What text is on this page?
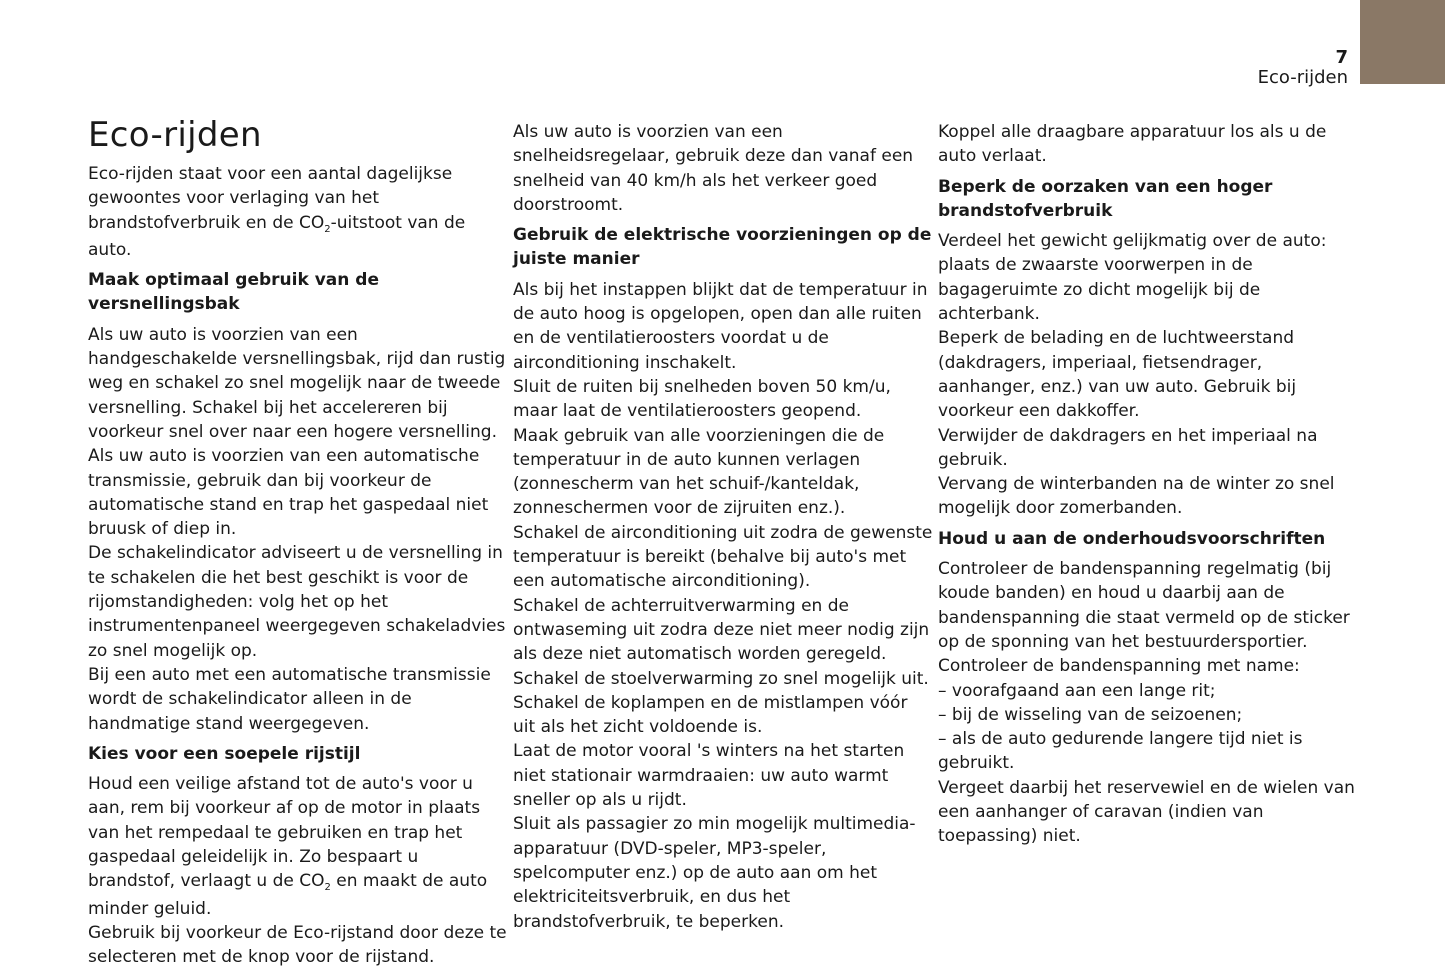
7
Eco-rijden
Eco-rijden

Eco-rijden staat voor een aantal dagelijkse gewoontes voor verlaging van het brandstofverbruik en de $CO_2$-uitstoot van de auto.

Maak optimaal gebruik van de versnellingsbak

Als uw auto is voorzien van een handgeschakelde versnellingsbak, rijd dan rustig weg en schakel zo snel mogelijk naar de tweede versnelling. Schakel bij het accelereren bij voorkeur snel over naar een hogere versnelling.

Als uw auto is voorzien van een automatische transmissie, gebruik dan bij voorkeur de automatische stand en trap het gaspedaal niet bruusk of diep in.

De schakelindicator adviseert u de versnelling in te schakelen die het best geschikt is voor de rijomstandigheden: volg het op het instrumentenpaneel weergegeven schakeladvies zo snel mogelijk op.

Bij een auto met een automatische transmissie wordt de schakelindicator alleen in de handmatige stand weergegeven.

Kies voor een soepele rijstijl

Houd een veilige afstand tot de auto's voor u aan, rem bij voorkeur af op de motor in plaats van het rempedaal te gebruiken en trap het gaspedaal geleidelijk in. Zo bespaart u brandstof, verlaagt u de $CO_2$ en maakt de auto minder geluid.

Gebruik bij voorkeur de Eco-rijstand door deze te selecteren met de knop voor de rijstand.

Als uw auto is voorzien van een snelheidsregelaar, gebruik deze dan vanaf een snelheid van 40 km/h als het verkeer goed doorstroomt.

Gebruik de elektrische voorzieningen op de juiste manier

Als bij het instappen blijkt dat de temperatuur in de auto hoog is opgelopen, open dan alle ruiten en de ventilatieroosters voordat u de airconditioning inschakelt.

Sluit de ruiten bij snelheden boven 50 km/u, maar laat de ventilatieroosters geopend.

Maak gebruik van alle voorzieningen die de temperatuur in de auto kunnen verlagen (zonnescherm van het schuif-/kanteldak, zonneschermen voor de zijruiten enz.).

Schakel de airconditioning uit zodra de gewenste temperatuur is bereikt (behalve bij auto's met een automatische airconditioning).

Schakel de achterruitverwarming en de ontwaseming uit zodra deze niet meer nodig zijn als deze niet automatisch worden geregeld.

Schakel de stoelverwarming zo snel mogelijk uit.

Schakel de koplampen en de mistlampen vóór uit als het zicht voldoende is.

Laat de motor vooral 's winters na het starten niet stationair warmdraaien: uw auto warmt sneller op als u rijdt.

Sluit als passagier zo min mogelijk multimedia-apparatuur (DVD-speler, MP3-speler, spelcomputer enz.) op de auto aan om het elektriciteitsverbruik, en dus het brandstofverbruik, te beperken.

Koppel alle draagbare apparatuur los als u de auto verlaat.

Beperk de oorzaken van een hoger brandstofverbruik

Verdeel het gewicht gelijkmatig over de auto: plaats de zwaarste voorwerpen in de bagageruimte zo dicht mogelijk bij de achterbank.

Beperk de belading en de luchtweerstand (dakdragers, imperiaal, fietsendrager, aanhanger, enz.) van uw auto. Gebruik bij voorkeur een dakkoffer.

Verwijder de dakdragers en het imperiaal na gebruik.

Vervang de winterbanden na de winter zo snel mogelijk door zomerbanden.

Houd u aan de onderhoudsvoorschriften

Controleer de bandenspanning regelmatig (bij koude banden) en houd u daarbij aan de bandenspanning die staat vermeld op de sticker op de sponning van het bestuurdersportier.

Controleer de bandenspanning met name:

– voorafgaand aan een lange rit;

– bij de wisseling van de seizoenen;

– als de auto gedurende langere tijd niet is gebruikt.

Vergeet daarbij het reservewiel en de wielen van een aanhanger of caravan (indien van toepassing) niet.
